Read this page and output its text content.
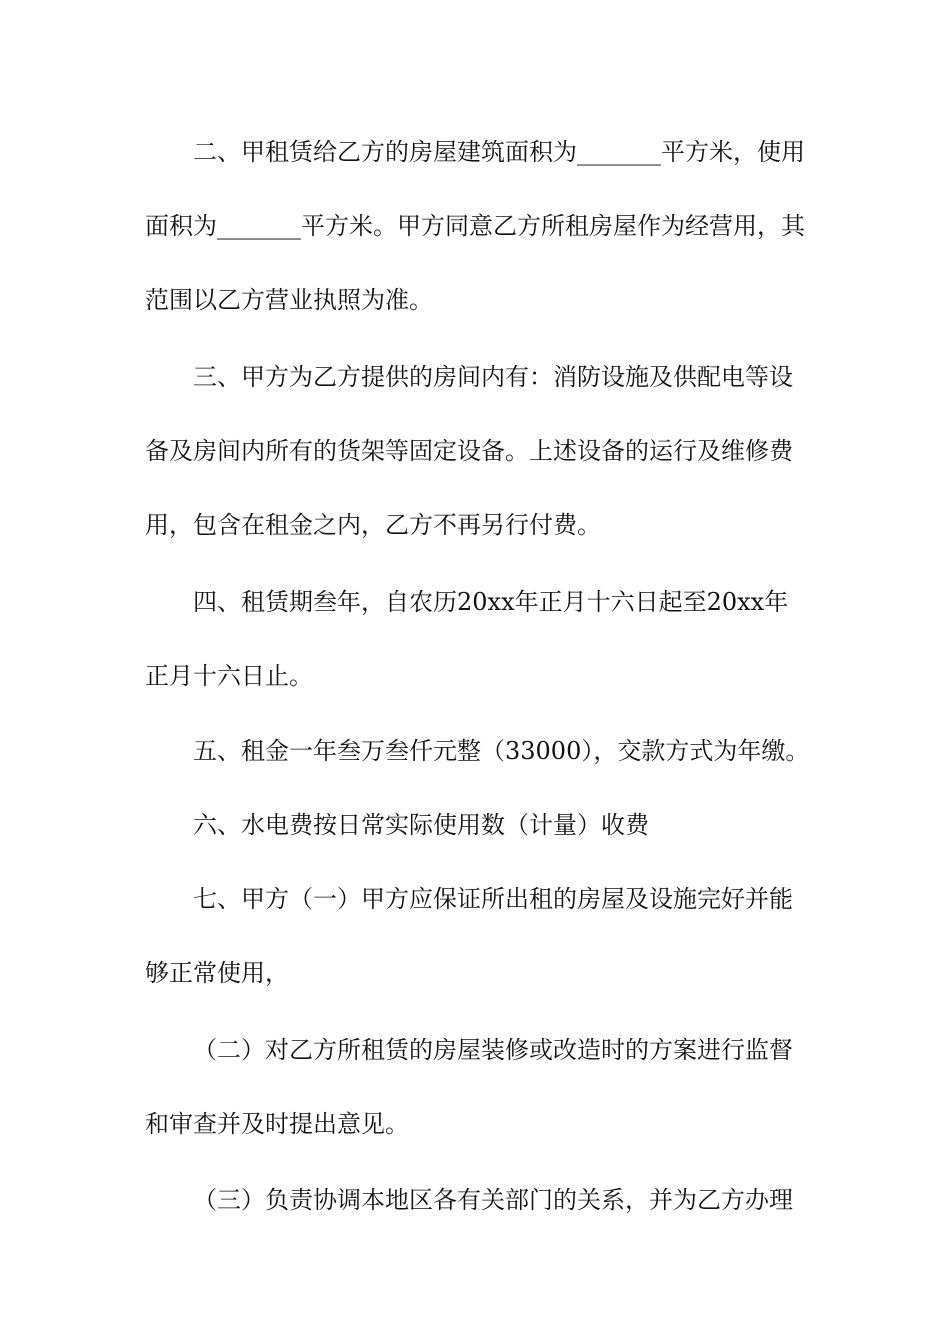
二、甲租赁给乙方的房屋建筑面积为_______平方米，使用
面积为_______平方米。甲方同意乙方所租房屋作为经营用，其
范围以乙方营业执照为准。
三、甲方为乙方提供的房间内有：消防设施及供配电等设
备及房间内所有的货架等固定设备。上述设备的运行及维修费
用，包含在租金之内，乙方不再另行付费。
四、租赁期叁年，自农历20xx年正月十六日起至20xx年
正月十六日止。
五、租金一年叁万叁仟元整（33000），交款方式为年缴。
六、水电费按日常实际使用数（计量）收费
七、甲方（一）甲方应保证所出租的房屋及设施完好并能
够正常使用，
（二）对乙方所租赁的房屋装修或改造时的方案进行监督
和审查并及时提出意见。
（三）负责协调本地区各有关部门的关系，并为乙方办理
